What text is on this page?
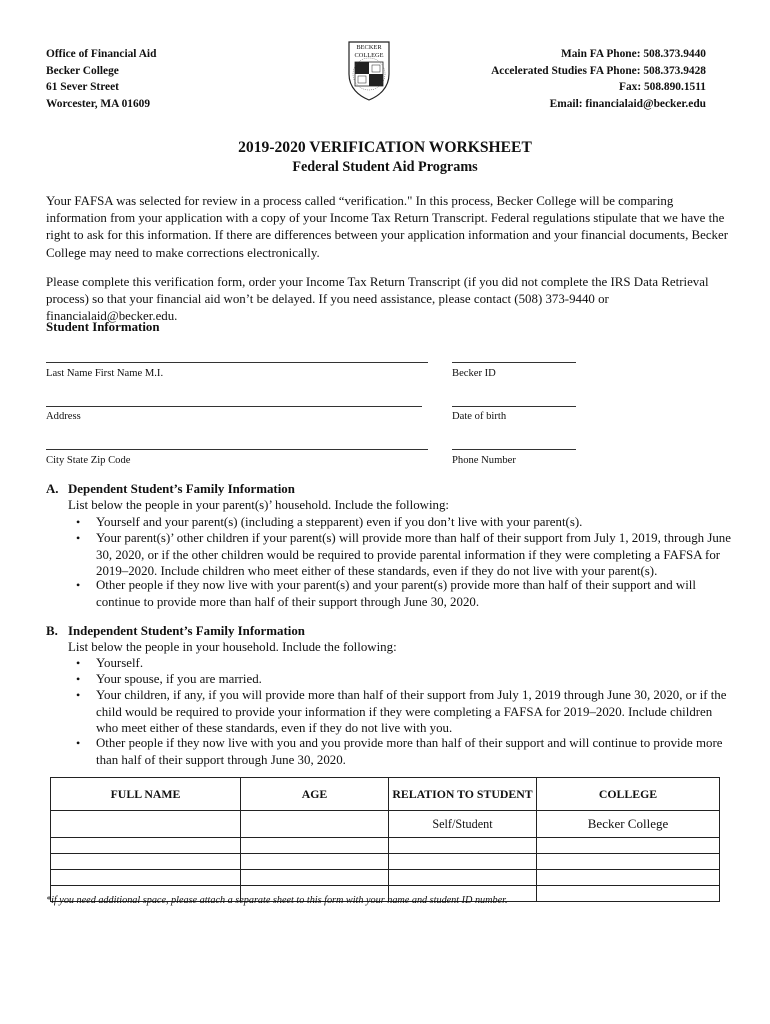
Office of Financial Aid
Becker College
61 Sever Street
Worcester, MA 01609
BECKER
COLLEGE	Main FA Phone: 508.373.9440
Accelerated Studies FA Phone: 508.373.9428
Fax: 508.890.1511
Email: financialaid@becker.edu
2019-2020 VERIFICATION WORKSHEET
Federal Student Aid Programs
Your FAFSA was selected for review in a process called “verification." In this process, Becker College will be comparing information from your application with a copy of your Income Tax Return Transcript. Federal regulations stipulate that we have the right to ask for this information. If there are differences between your application information and your financial documents, Becker College may need to make corrections electronically.
Please complete this verification form, order your Income Tax Return Transcript (if you did not complete the IRS Data Retrieval process) so that your financial aid won’t be delayed. If you need assistance, please contact (508) 373-9440 or financialaid@becker.edu.
Student Information
Last Name First Name M.I.	Becker ID
Address	Date of birth
City State Zip Code	Phone Number
A. Dependent Student’s Family Information
List below the people in your parent(s)’ household. Include the following:
• Yourself and your parent(s) (including a stepparent) even if you don’t live with your parent(s).
• Your parent(s)’ other children if your parent(s) will provide more than half of their support from July 1, 2019, through June 30, 2020, or if the other children would be required to provide parental information if they were completing a FAFSA for 2019–2020. Include children who meet either of these standards, even if they do not live with your parent(s).
• Other people if they now live with your parent(s) and your parent(s) provide more than half of their support and will continue to provide more than half of their support through June 30, 2020.
B. Independent Student’s Family Information
List below the people in your household. Include the following:
• Yourself.
• Your spouse, if you are married.
• Your children, if any, if you will provide more than half of their support from July 1, 2019 through June 30, 2020, or if the child would be required to provide your information if they were completing a FAFSA for 2019–2020. Include children who meet either of these standards, even if they do not live with you.
• Other people if they now live with you and you provide more than half of their support and will continue to provide more than half of their support through June 30, 2020.
FULL NAME	AGE	RELATION TO STUDENT	COLLEGE
		Self/Student	Becker College

*if you need additional space, please attach a separate sheet to this form with your name and student ID number.
